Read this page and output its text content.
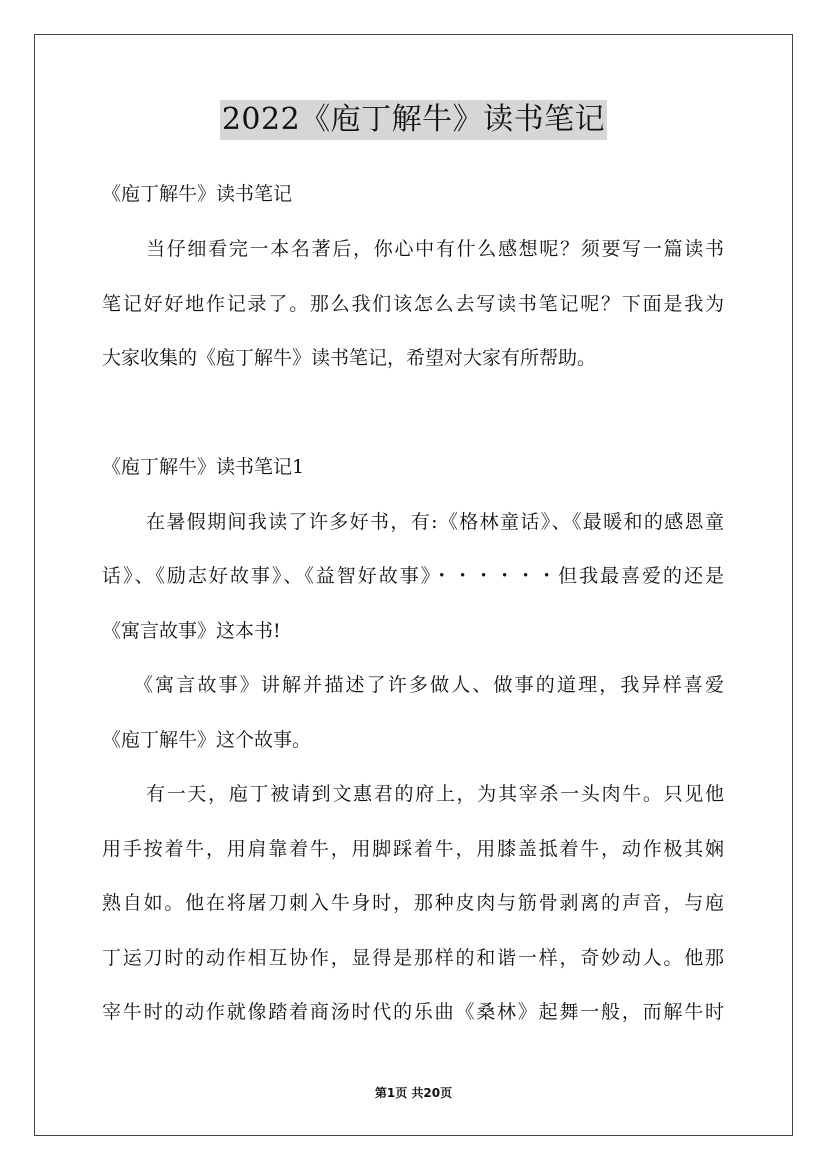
2022《庖丁解牛》读书笔记
《庖丁解牛》读书笔记
当仔细看完一本名著后，你心中有什么感想呢？须要写一篇读书
笔记好好地作记录了。那么我们该怎么去写读书笔记呢？下面是我为
大家收集的《庖丁解牛》读书笔记，希望对大家有所帮助。
《庖丁解牛》读书笔记1
在暑假期间我读了许多好书，有:《格林童话》、《最暖和的感恩童
话》、《励志好故事》、《益智好故事》・・・・・・但我最喜爱的还是
《寓言故事》这本书!
《寓言故事》讲解并描述了许多做人、做事的道理，我异样喜爱
《庖丁解牛》这个故事。
有一天，庖丁被请到文惠君的府上，为其宰杀一头肉牛。只见他
用手按着牛，用肩靠着牛，用脚踩着牛，用膝盖抵着牛，动作极其娴
熟自如。他在将屠刀刺入牛身时，那种皮肉与筋骨剥离的声音，与庖
丁运刀时的动作相互协作，显得是那样的和谐一样，奇妙动人。他那
宰牛时的动作就像踏着商汤时代的乐曲《桑林》起舞一般，而解牛时
第1页 共20页
